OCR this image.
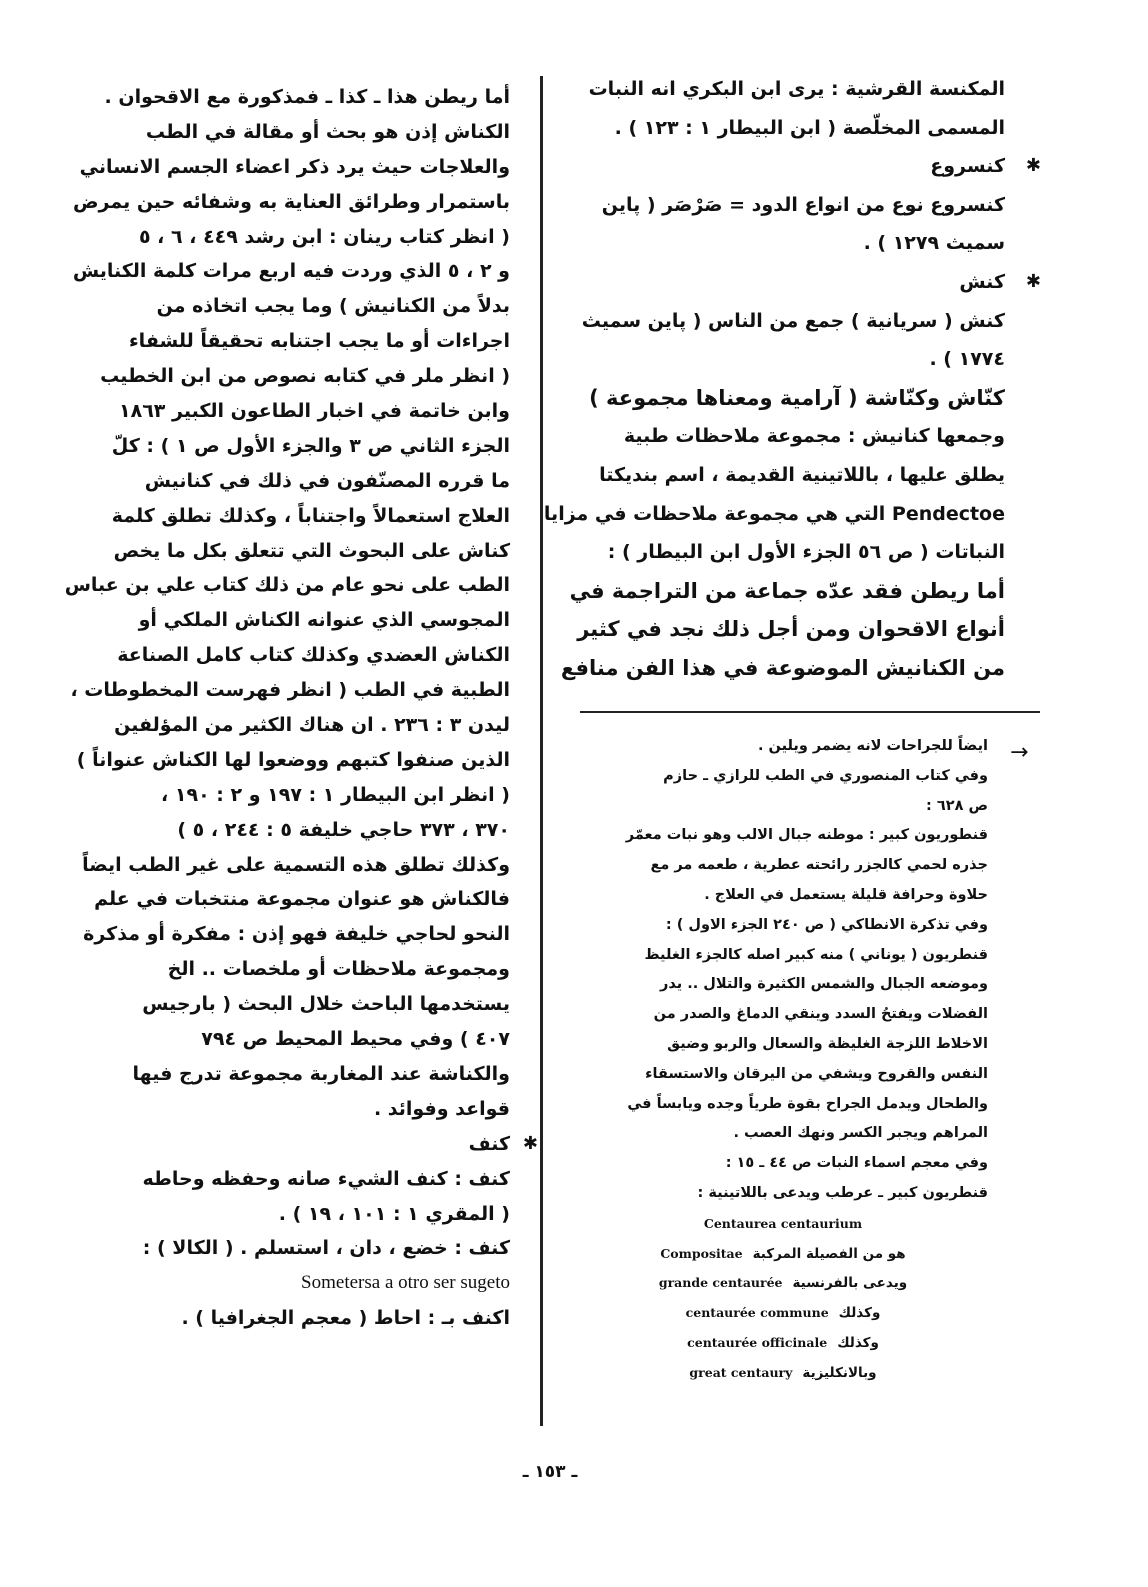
المكنسة القرشية : يرى ابن البكري انه النبات
المسمى المخلّصة ( ابن البيطار ١ : ١٢٣ ) .
✱
كنسروع
كنسروع نوع من انواع الدود = صَرْصَر ( پاين
سميث ١٢٧٩ ) .
✱
كنش
كنش ( سريانية ) جمع من الناس ( پاين سميث
١٧٧٤ ) .
كنّاش وكنّاشة ( آرامية ومعناها مجموعة )
وجمعها كنانيش : مجموعة ملاحظات طبية
يطلق عليها ، باللاتينية القديمة ، اسم بنديكتا
Pendectoe التي هي مجموعة ملاحظات في مزايا
النباتات ( ص ٥٦ الجزء الأول ابن البيطار ) :
أما ريطن فقد عدّه جماعة من التراجمة في
أنواع الاقحوان ومن أجل ذلك نجد في كثير
من الكنانيش الموضوعة في هذا الفن منافع
→
ايضاً للجراحات لانه يضمر ويلين .
وفي كتاب المنصوري في الطب للرازي ـ حازم
ص ٦٢٨ :
قنطوريون كبير : موطنه جبال الالب وهو نبات معمّر
جذره لحمي كالجزر رائحته عطرية ، طعمه مر مع
حلاوة وحرافة قليلة يستعمل في العلاج .
وفي تذكرة الانطاكي ( ص ٢٤٠ الجزء الاول ) :
قنطريون ( يوناني ) منه كبير اصله كالجزء الغليظ
وموضعه الجبال والشمس الكثيرة والتلال .. يدر
الفضلات ويفتحُ السدد وينقي الدماغ والصدر من
الاخلاط اللزجة الغليظة والسعال والربو وضيق
النفس والقروح ويشفي من اليرقان والاستسقاء
والطحال ويدمل الجراح بقوة طرياً وجده ويابساً في
المراهم ويجبر الكسر ونهك العصب .
وفي معجم اسماء النبات ص ٤٤ ـ ١٥ :
قنطريون كبير ـ عرطب ويدعى باللاتينية :
Centaurea centaurium
هو من الفصيلة المركبةCompositae
ويدعى بالفرنسيةgrande centaurée
وكذلكcentaurée commune
وكذلكcentaurée officinale
وبالانكليزيةgreat centaury
أما ريطن هذا ـ كذا ـ فمذكورة مع الاقحوان .
الكناش إذن هو بحث أو مقالة في الطب
والعلاجات حيث يرد ذكر اعضاء الجسم الانساني
باستمرار وطرائق العناية به وشفائه حين يمرض
( انظر كتاب رينان : ابن رشد ٤٤٩ ، ٦ ، ٥
و ٢ ، ٥ الذي وردت فيه اربع مرات كلمة الكنايش
بدلاً من الكنانيش ) وما يجب اتخاذه من
اجراءات أو ما يجب اجتنابه تحقيقاً للشفاء
( انظر ملر في كتابه نصوص من ابن الخطيب
وابن خاتمة في اخبار الطاعون الكبير ١٨٦٣
الجزء الثاني ص ٣ والجزء الأول ص ١ ) : كلّ
ما قرره المصنّفون في ذلك في كنانيش
العلاج استعمالاً واجتناباً ، وكذلك تطلق كلمة
كناش على البحوث التي تتعلق بكل ما يخص
الطب على نحو عام من ذلك كتاب علي بن عباس
المجوسي الذي عنوانه الكناش الملكي أو
الكناش العضدي وكذلك كتاب كامل الصناعة
الطبية في الطب ( انظر فهرست المخطوطات ،
ليدن ٣ : ٢٣٦ . ان هناك الكثير من المؤلفين
الذين صنفوا كتبهم ووضعوا لها الكناش عنواناً )
( انظر ابن البيطار ١ : ١٩٧ و ٢ : ١٩٠ ،
٣٧٠ ، ٣٧٣ حاجي خليفة ٥ : ٢٤٤ ، ٥ )
وكذلك تطلق هذه التسمية على غير الطب ايضاً
فالكناش هو عنوان مجموعة منتخبات في علم
النحو لحاجي خليفة فهو إذن : مفكرة أو مذكرة
ومجموعة ملاحظات أو ملخصات .. الخ
يستخدمها الباحث خلال البحث ( بارجيس
٤٠٧ ) وفي محيط المحيط ص ٧٩٤
والكناشة عند المغاربة مجموعة تدرج فيها
قواعد وفوائد .
✱
كنف
كنف : كنف الشيء صانه وحفظه وحاطه
( المقري ١ : ١٠١ ، ١٩ ) .
كنف : خضع ، دان ، استسلم . ( الكالا ) :
Sometersa a otro ser sugeto
اكنف بـ : احاط ( معجم الجغرافيا ) .
ـ ١٥٣ ـ
